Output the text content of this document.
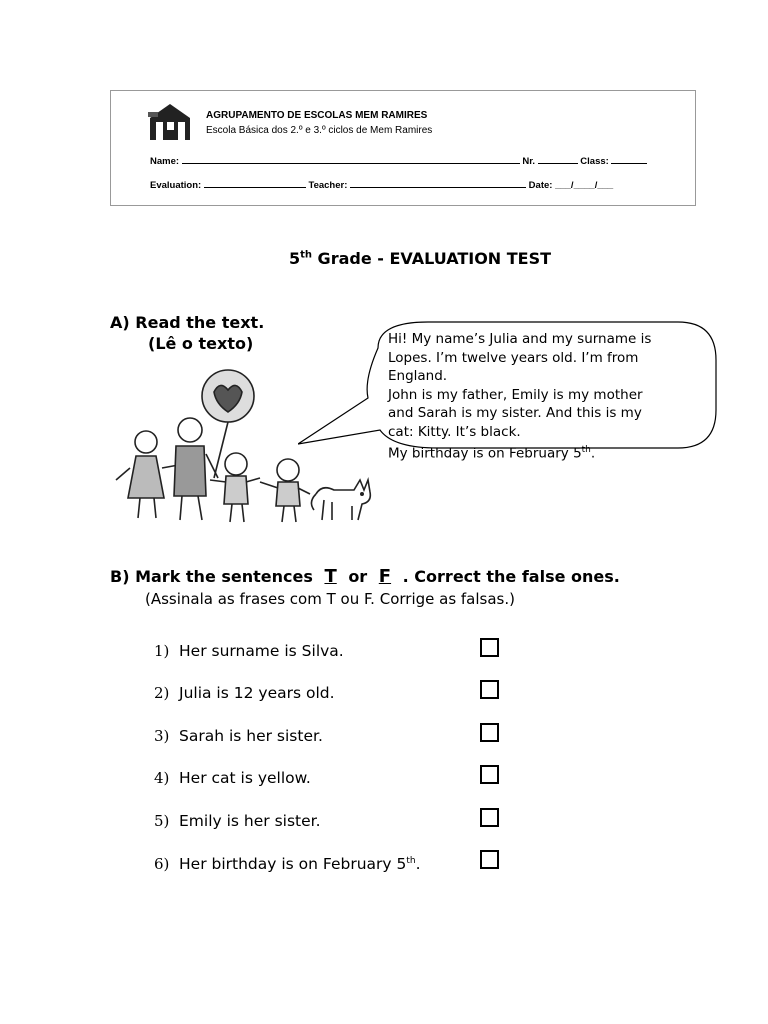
AGRUPAMENTO DE ESCOLAS MEM RAMIRES
Escola Básica dos 2.º e 3.º ciclos de Mem Ramires
Name:	Nr.	Class:
Evaluation:	Teacher:	Date: ___/____/___
5th Grade - EVALUATION TEST
A) Read the text.
(Lê o texto)	Hi! My name’s Julia and my surname is

Lopes. I’m twelve years old. I’m from

England.

John is my father, Emily is my mother

and Sarah is my sister. And this is my

cat: Kitty. It’s black.

My birthday is on February 5th.

B) Mark the sentences T or F . Correct the false ones.
(Assinala as frases com T ou F. Corrige as falsas.)
1) Her surname is Silva.
2) Julia is 12 years old.
3) Sarah is her sister.
4) Her cat is yellow.
5) Emily is her sister.
6) Her birthday is on February 5th.
